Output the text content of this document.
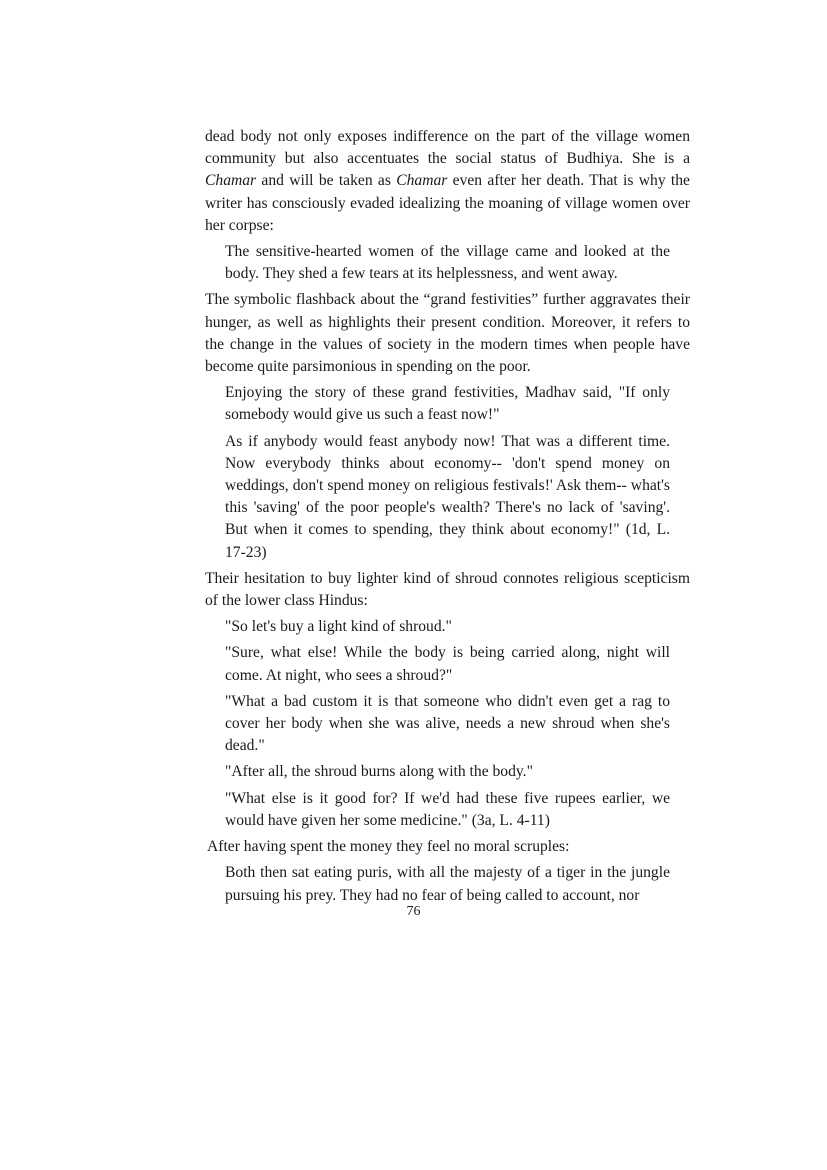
dead body not only exposes indifference on the part of the village women community but also accentuates the social status of Budhiya. She is a Chamar and will be taken as Chamar even after her death. That is why the writer has consciously evaded idealizing the moaning of village women over her corpse:

The sensitive-hearted women of the village came and looked at the body. They shed a few tears at its helplessness, and went away.

The symbolic flashback about the “grand festivities” further aggravates their hunger, as well as highlights their present condition. Moreover, it refers to the change in the values of society in the modern times when people have become quite parsimonious in spending on the poor.

Enjoying the story of these grand festivities, Madhav said, "If only somebody would give us such a feast now!"

As if anybody would feast anybody now! That was a different time. Now everybody thinks about economy-- 'don't spend money on weddings, don't spend money on religious festivals!' Ask them-- what's this 'saving' of the poor people's wealth? There's no lack of 'saving'. But when it comes to spending, they think about economy!" (1d, L. 17-23)

Their hesitation to buy lighter kind of shroud connotes religious scepticism of the lower class Hindus:

"So let's buy a light kind of shroud."

"Sure, what else! While the body is being carried along, night will come. At night, who sees a shroud?"

"What a bad custom it is that someone who didn't even get a rag to cover her body when she was alive, needs a new shroud when she's dead."

"After all, the shroud burns along with the body."

"What else is it good for? If we'd had these five rupees earlier, we would have given her some medicine." (3a, L. 4-11)

After having spent the money they feel no moral scruples:

Both then sat eating puris, with all the majesty of a tiger in the jungle pursuing his prey. They had no fear of being called to account, nor

76
